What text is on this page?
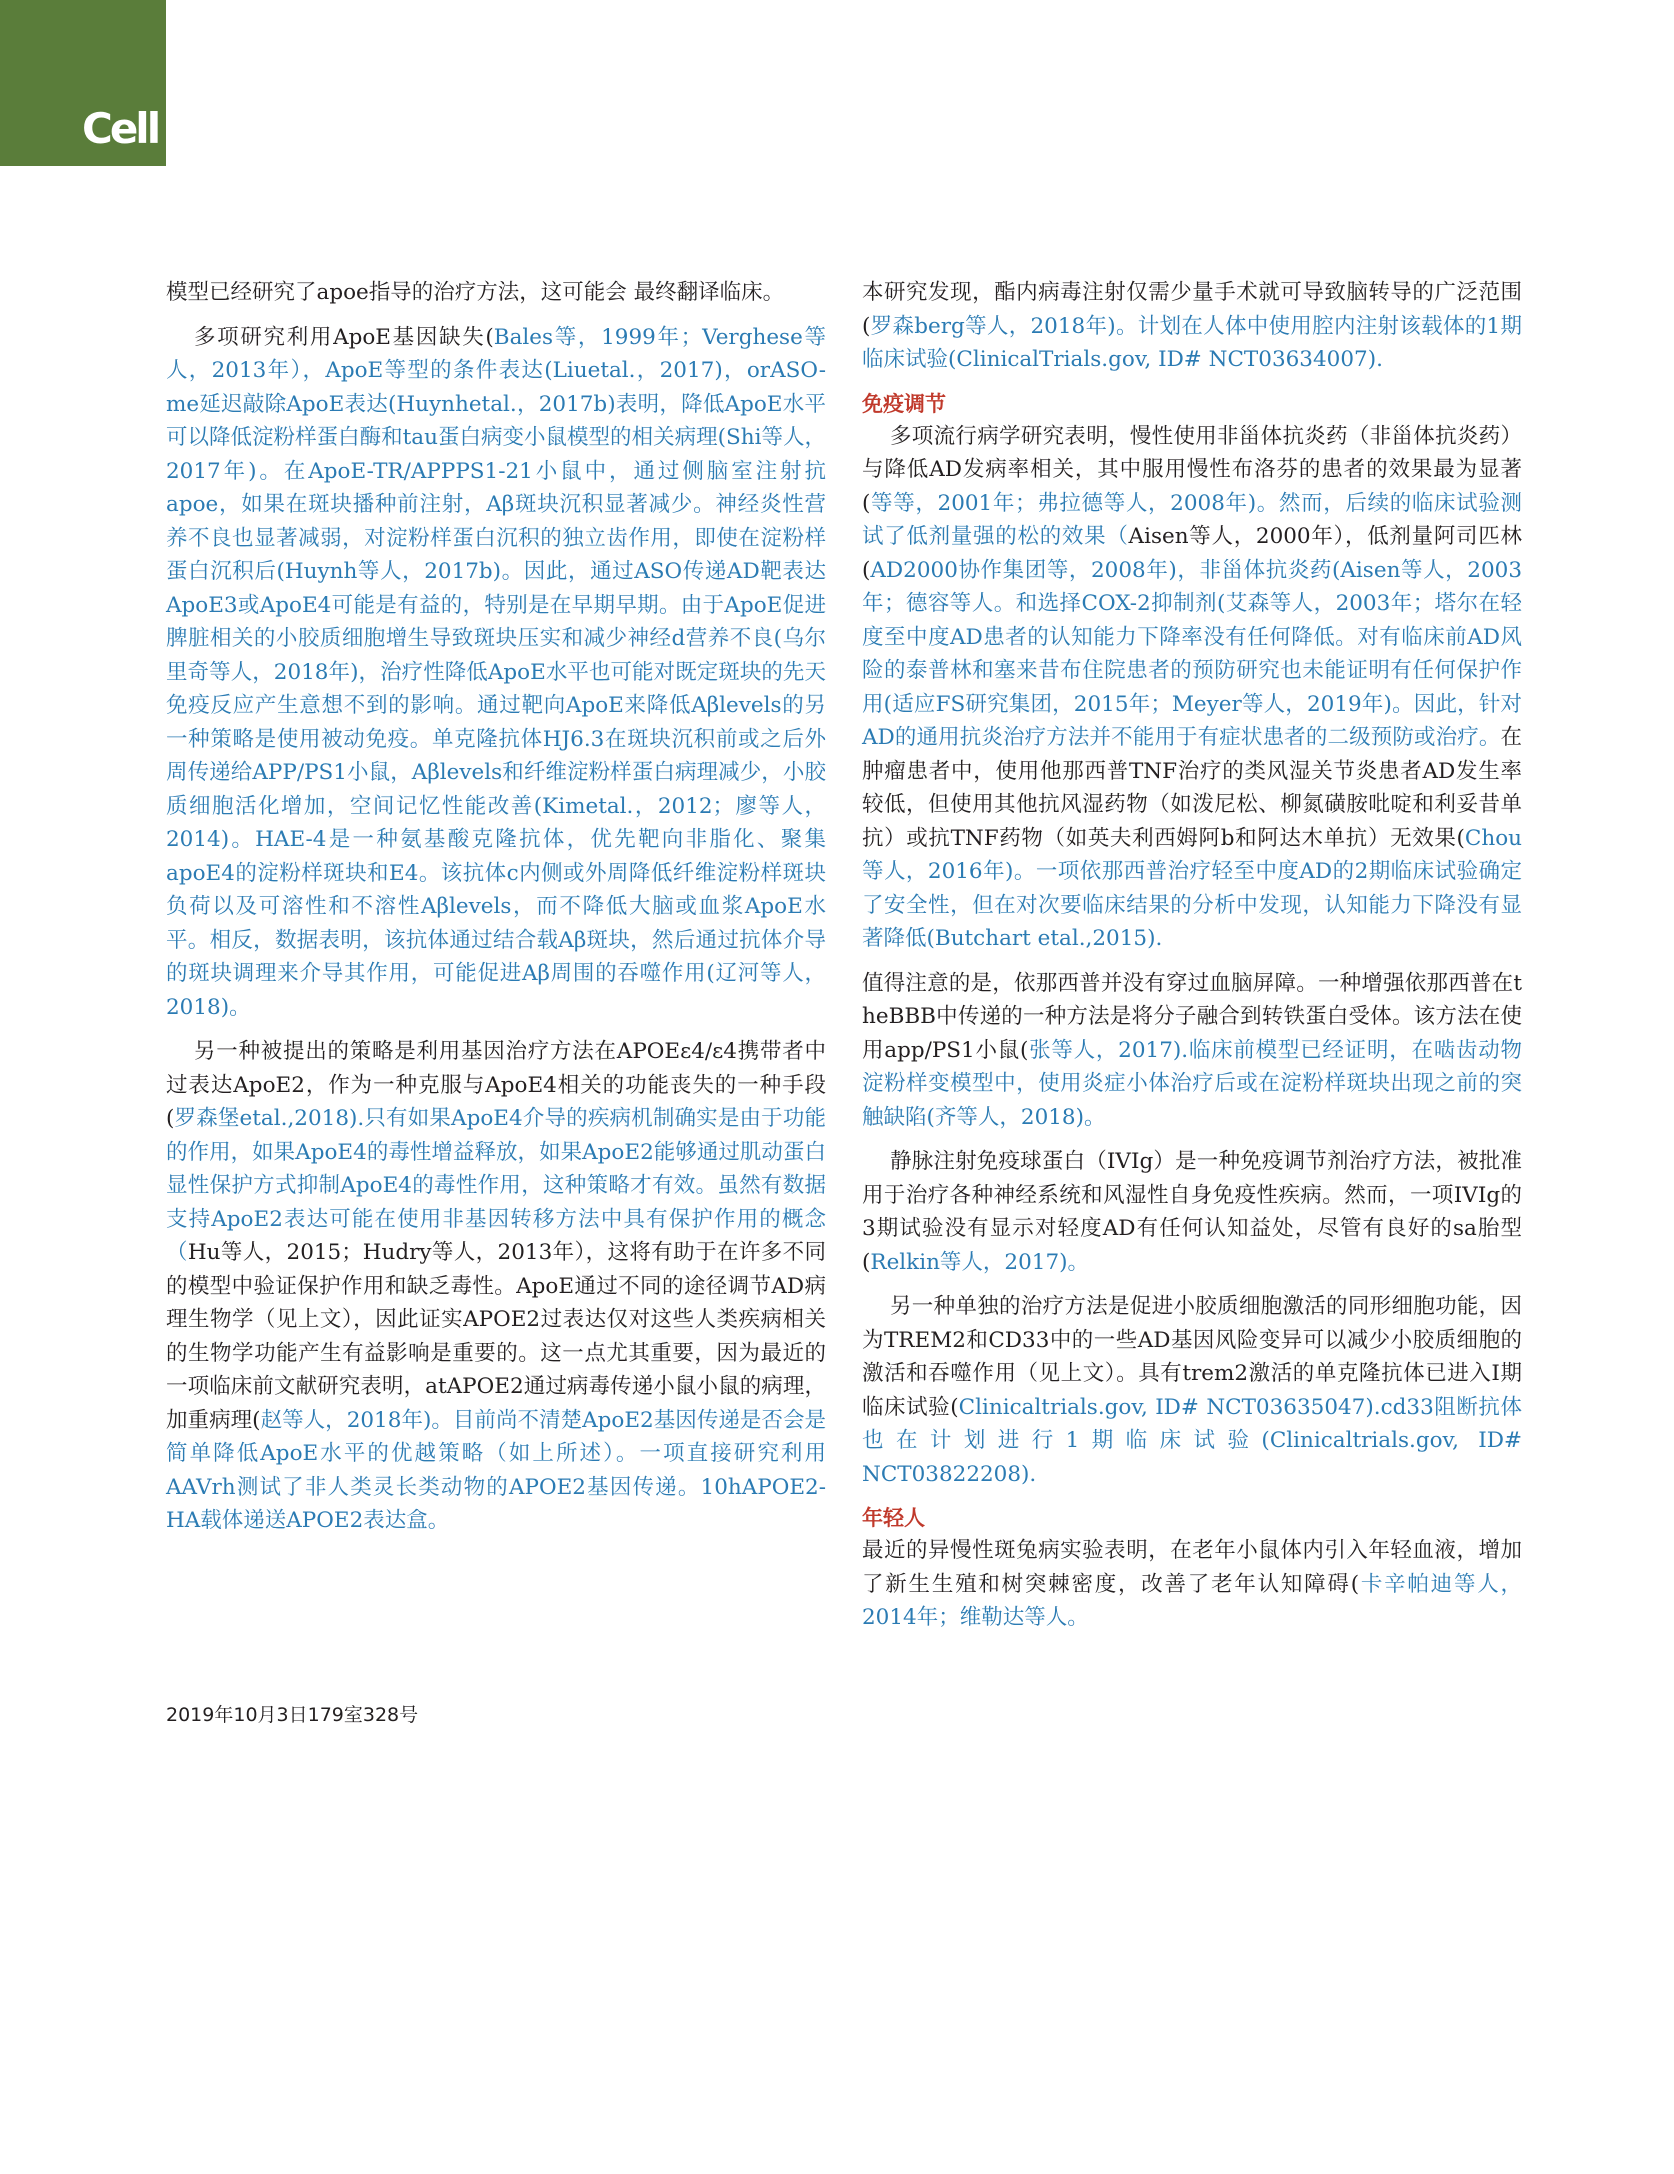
Cell

模型已经研究了apoe指导的治疗方法，这可能会 最终翻译临床。

多项研究利用ApoE基因缺失(Bales等，1999年；Verghese等人，2013年），ApoE等型的条件表达(Liuetal.，2017)，orASO-me延迟敲除ApoE表达(Huynhetal.，2017b)表明，降低ApoE水平可以降低淀粉样蛋白酶和tau蛋白病变小鼠模型的相关病理(Shi等人，2017年)。在ApoE-TR/APPPS1-21小鼠中，通过侧脑室注射抗apoe，如果在斑块播种前注射，Aβ斑块沉积显著减少。神经炎性营养不良也显著减弱，对淀粉样蛋白沉积的独立齿作用，即使在淀粉样蛋白沉积后(Huynh等人，2017b)。因此，通过ASO传递AD靶表达ApoE3或ApoE4可能是有益的，特别是在早期早期。由于ApoE促进脾脏相关的小胶质细胞增生导致斑块压实和减少神经d营养不良(乌尔里奇等人，2018年)，治疗性降低ApoE水平也可能对既定斑块的先天免疫反应产生意想不到的影响。通过靶向ApoE来降低Aβlevels的另一种策略是使用被动免疫。单克隆抗体HJ6.3在斑块沉积前或之后外周传递给APP/PS1小鼠，Aβlevels和纤维淀粉样蛋白病理减少，小胶质细胞活化增加，空间记忆性能改善(Kimetal.，2012；廖等人，2014)。HAE-4是一种氨基酸克隆抗体，优先靶向非脂化、聚集apoE4的淀粉样斑块和E4。该抗体c内侧或外周降低纤维淀粉样斑块负荷以及可溶性和不溶性Aβlevels，而不降低大脑或血浆ApoE水平。相反，数据表明，该抗体通过结合载Aβ斑块，然后通过抗体介导的斑块调理来介导其作用，可能促进Aβ周围的吞噬作用(辽河等人，2018)。

另一种被提出的策略是利用基因治疗方法在APOEε4/ε4携带者中过表达ApoE2，作为一种克服与ApoE4相关的功能丧失的一种手段(罗森堡etal.,2018).只有如果ApoE4介导的疾病机制确实是由于功能的作用，如果ApoE4的毒性增益释放，如果ApoE2能够通过肌动蛋白显性保护方式抑制ApoE4的毒性作用，这种策略才有效。虽然有数据支持ApoE2表达可能在使用非基因转移方法中具有保护作用的概念（Hu等人，2015；Hudry等人，2013年），这将有助于在许多不同的模型中验证保护作用和缺乏毒性。ApoE通过不同的途径调节AD病理生物学（见上文），因此证实APOE2过表达仅对这些人类疾病相关的生物学功能产生有益影响是重要的。这一点尤其重要，因为最近的一项临床前文献研究表明，atAPOE2通过病毒传递小鼠小鼠的病理，加重病理(赵等人，2018年)。目前尚不清楚ApoE2基因传递是否会是简单降低ApoE水平的优越策略（如上所述）。一项直接研究利用AAVrh测试了非人类灵长类动物的APOE2基因传递。10hAPOE2-HA载体递送APOE2表达盒。

本研究发现，酯内病毒注射仅需少量手术就可导致脑转导的广泛范围(罗森berg等人，2018年)。计划在人体中使用腔内注射该载体的1期临床试验(ClinicalTrials.gov, ID# NCT03634007).

免疫调节

多项流行病学研究表明，慢性使用非甾体抗炎药（非甾体抗炎药）与降低AD发病率相关，其中服用慢性布洛芬的患者的效果最为显著(等等，2001年；弗拉德等人，2008年)。然而，后续的临床试验测试了低剂量强的松的效果（Aisen等人，2000年），低剂量阿司匹林(AD2000协作集团等，2008年)，非甾体抗炎药(Aisen等人，2003年；德容等人。和选择COX-2抑制剂(艾森等人，2003年；塔尔在轻度至中度AD患者的认知能力下降率没有任何降低。对有临床前AD风险的泰普林和塞来昔布住院患者的预防研究也未能证明有任何保护作用(适应FS研究集团，2015年；Meyer等人，2019年)。因此，针对AD的通用抗炎治疗方法并不能用于有症状患者的二级预防或治疗。在肿瘤患者中，使用他那西普TNF治疗的类风湿关节炎患者AD发生率较低，但使用其他抗风湿药物（如泼尼松、柳氮磺胺吡啶和利妥昔单抗）或抗TNF药物（如英夫利西姆阿b和阿达木单抗）无效果(Chou等人，2016年)。一项依那西普治疗轻至中度AD的2期临床试验确定了安全性，但在对次要临床结果的分析中发现，认知能力下降没有显著降低(Butchart etal.,2015).

值得注意的是，依那西普并没有穿过血脑屏障。一种增强依那西普在t heBBB中传递的一种方法是将分子融合到转铁蛋白受体。该方法在使用app/PS1小鼠(张等人，2017).临床前模型已经证明，在啮齿动物淀粉样变模型中，使用炎症小体治疗后或在淀粉样斑块出现之前的突触缺陷(齐等人，2018)。

静脉注射免疫球蛋白（IVIg）是一种免疫调节剂治疗方法，被批准用于治疗各种神经系统和风湿性自身免疫性疾病。然而，一项IVIg的3期试验没有显示对轻度AD有任何认知益处，尽管有良好的sa胎型(Relkin等人，2017)。

另一种单独的治疗方法是促进小胶质细胞激活的同形细胞功能，因为TREM2和CD33中的一些AD基因风险变异可以减少小胶质细胞的激活和吞噬作用（见上文）。具有trem2激活的单克隆抗体已进入I期临床试验(Clinicaltrials.gov, ID# NCT03635047).cd33阻断抗体也在计划进行1期临床试验(Clinicaltrials.gov, ID# NCT03822208).

年轻人

最近的异慢性斑兔病实验表明，在老年小鼠体内引入年轻血液，增加了新生生殖和树突棘密度，改善了老年认知障碍(卡辛帕迪等人，2014年；维勒达等人。

2019年10月3日179室328号
